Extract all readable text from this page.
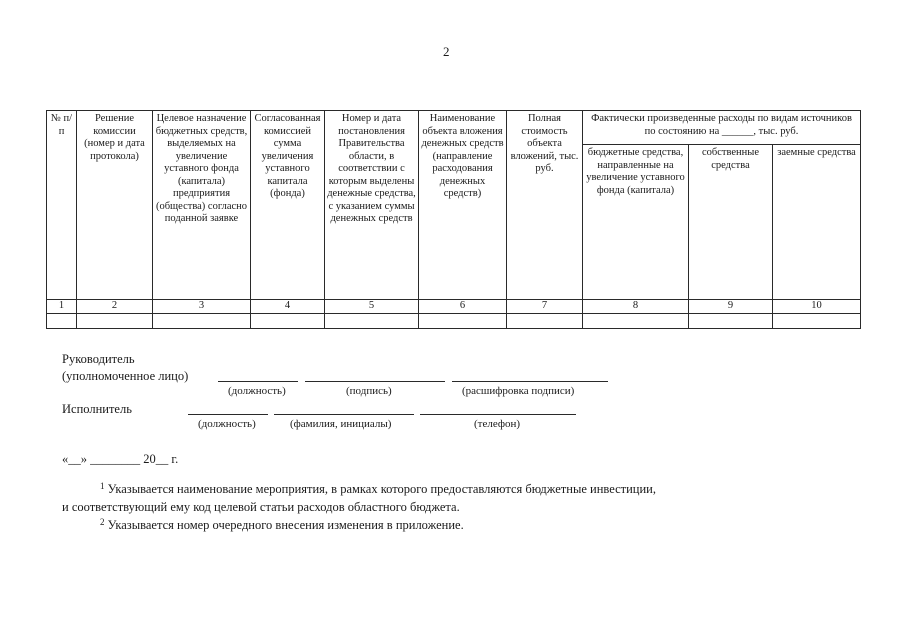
2
№ п/п	Решение комиссии (номер и дата протокола)	Целевое назначение бюджетных средств, выделяемых на увеличение уставного фонда (капитала) предприятия (общества) согласно поданной заявке	Согласованная комиссией сумма увеличения уставного капитала (фонда)	Номер и дата постановления Правительства области, в соответствии с которым выделены денежные средства, с указанием суммы денежных средств	Наименование объекта вложения денежных средств (направление расходования денежных средств)	Полная стоимость объекта вложений, тыс. руб.	Фактически произведенные расходы по видам источников по состоянию на ______, тыс. руб.		
							бюджетные средства, направленные на увеличение уставного фонда (капитала)	собственные средства	заемные средства
1	2	3	4	5	6	7	8	9	10

Руководитель
(уполномоченное лицо)
(должность)	(подпись)	(расшифровка подписи)
Исполнитель
(должность)	(фамилия, инициалы)	(телефон)
«__» ________ 20__ г.
$^1$ Указывается наименование мероприятия, в рамках которого предоставляются бюджетные инвестиции,
и соответствующий ему код целевой статьи расходов областного бюджета.
$^2$ Указывается номер очередного внесения изменения в приложение.
